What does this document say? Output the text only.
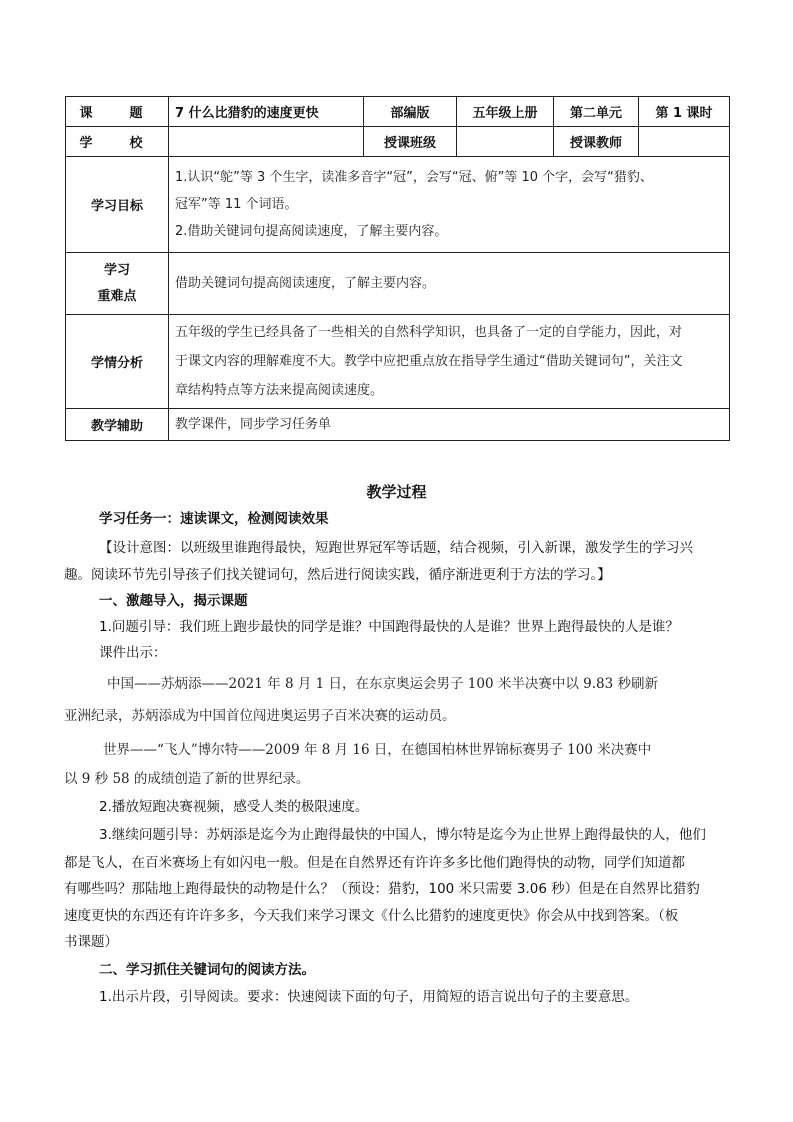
课　题	7 什么比猎豹的速度更快	部编版	五年级上册	第二单元	第 1 课时
学　校		授课班级		授课教师	
学习目标	1.认识“鸵”等 3 个生字，读准多音字“冠”，会写“冠、俯”等 10 个字，会写“猎豹、

冠军”等 11 个词语。

2.借助关键词句提高阅读速度，了解主要内容。				

学习
重难点	借助关键词句提高阅读速度，了解主要内容。				
学情分析	五年级的学生已经具备了一些相关的自然科学知识，也具备了一定的自学能力，因此，对

于课文内容的理解难度不大。教学中应把重点放在指导学生通过“借助关键词句”，关注文

章结构特点等方法来提高阅读速度。				

教学辅助	教学课件，同步学习任务单				
教学过程
学习任务一：速读课文，检测阅读效果
【设计意图：以班级里谁跑得最快，短跑世界冠军等话题，结合视频，引入新课，激发学生的学习兴
趣。阅读环节先引导孩子们找关键词句，然后进行阅读实践，循序渐进更利于方法的学习。】
一、激趣导入，揭示课题
1.问题引导：我们班上跑步最快的同学是谁？中国跑得最快的人是谁？世界上跑得最快的人是谁？
课件出示：
中国——苏炳添——2021 年 8 月 1 日，在东京奥运会男子 100 米半决赛中以 9.83 秒刷新
亚洲纪录，苏炳添成为中国首位闯进奥运男子百米决赛的运动员。
世界——“飞人”博尔特——2009 年 8 月 16 日，在德国柏林世界锦标赛男子 100 米决赛中
以 9 秒 58 的成绩创造了新的世界纪录。
2.播放短跑决赛视频，感受人类的极限速度。
3.继续问题引导：苏炳添是迄今为止跑得最快的中国人，博尔特是迄今为止世界上跑得最快的人，他们
都是飞人，在百米赛场上有如闪电一般。但是在自然界还有许许多多比他们跑得快的动物，同学们知道都
有哪些吗？那陆地上跑得最快的动物是什么？（预设：猎豹，100 米只需要 3.06 秒）但是在自然界比猎豹
速度更快的东西还有许许多多，今天我们来学习课文《什么比猎豹的速度更快》你会从中找到答案。（板
书课题）
二、学习抓住关键词句的阅读方法。
1.出示片段，引导阅读。要求：快速阅读下面的句子，用简短的语言说出句子的主要意思。
